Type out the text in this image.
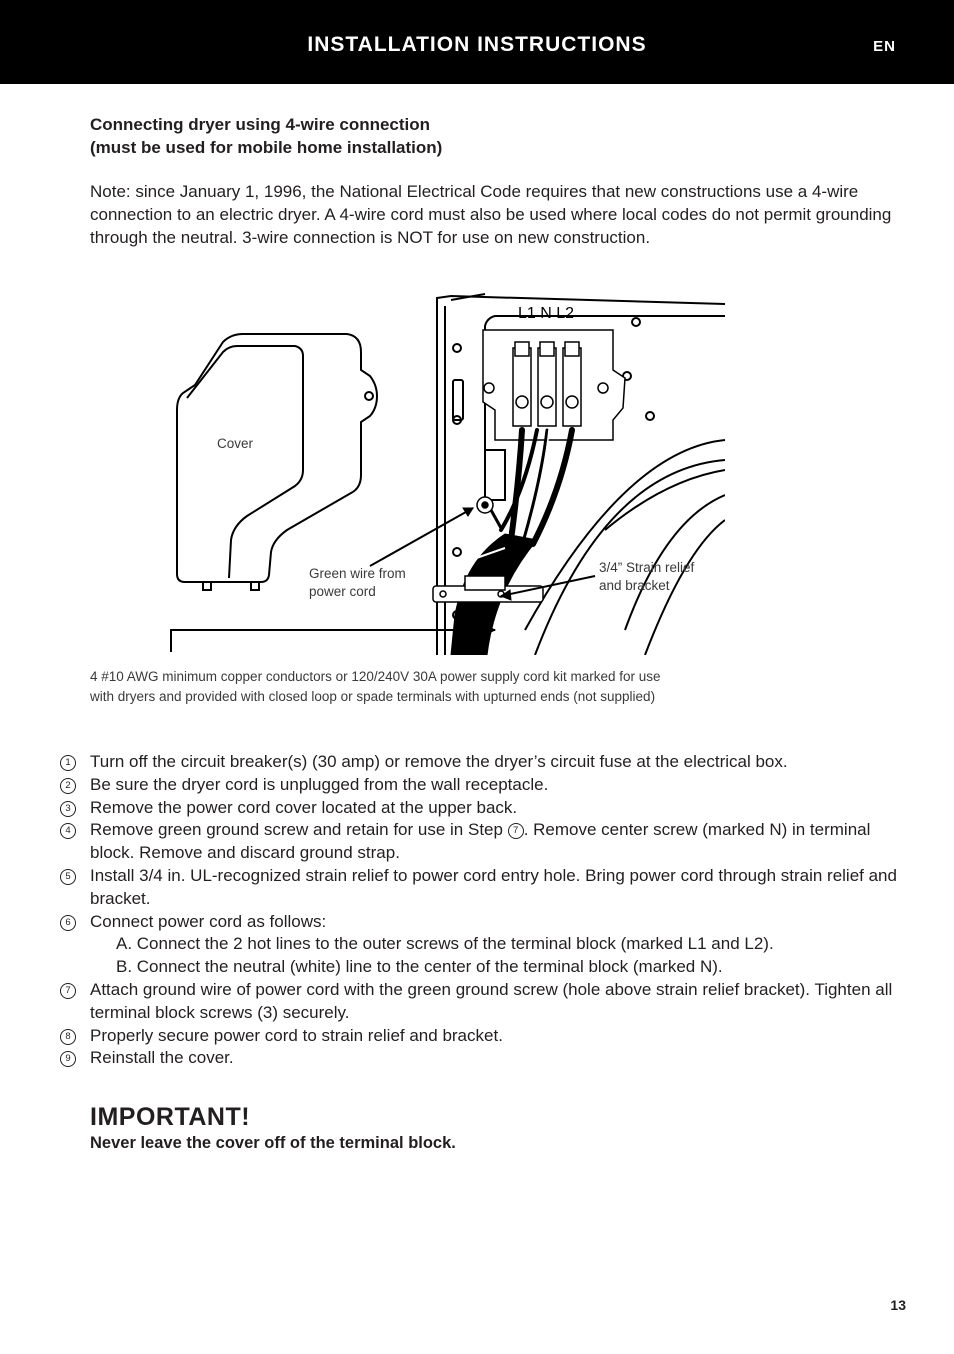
INSTALLATION INSTRUCTIONS	EN
Connecting dryer using 4-wire connection
(must be used for mobile home installation)

Note: since January 1, 1996, the National Electrical Code requires that new constructions use a 4-wire connection to an electric dryer. A 4-wire cord must also be used where local codes do not permit grounding through the neutral. 3-wire connection is NOT for use on new construction.

L1 N L2
Cover
Green wire from
power cord
3/4” Strain relief
and bracket

4 #10 AWG minimum copper conductors or 120/240V 30A power supply cord kit marked for use
with dryers and provided with closed loop or spade terminals with upturned ends (not supplied)

1	Turn off the circuit breaker(s) (30 amp) or remove the dryer’s circuit fuse at the electrical box.
2	Be sure the dryer cord is unplugged from the wall receptacle.
3	Remove the power cord cover located at the upper back.
4	Remove green ground screw and retain for use in Step 7 . Remove center screw (marked N) in terminal block. Remove and discard ground strap.
5	Install 3/4 in. UL-recognized strain relief to power cord entry hole. Bring power cord through strain relief and bracket.
6	Connect power cord as follows:
A. Connect the 2 hot lines to the outer screws of the terminal block (marked L1 and L2).
B. Connect the neutral (white) line to the center of the terminal block (marked N).
7	Attach ground wire of power cord with the green ground screw (hole above strain relief bracket). Tighten all terminal block screws (3) securely.
8	Properly secure power cord to strain relief and bracket.
9	Reinstall the cover.
IMPORTANT!

Never leave the cover off of the terminal block.

13
